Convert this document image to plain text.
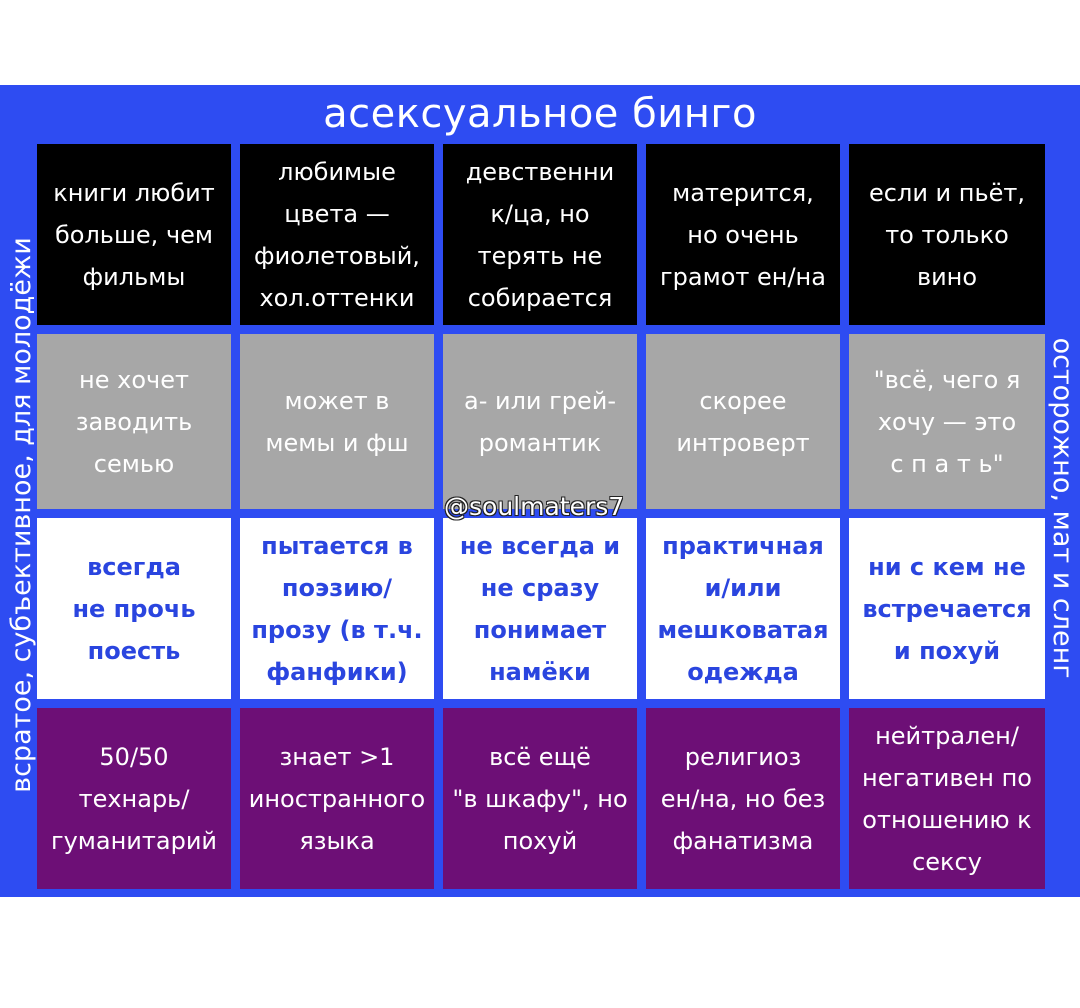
асексуальное бинго
всратое, субъективное, для молодёжи	осторожно, мат и сленг
книги любит
больше, чем
фильмы
любимые
цвета —
фиолетовый,
хол.оттенки
девственни
к/ца, но
терять не
собирается
матерится,
но очень
грамот ен/на
если и пьёт,
то только
вино
не хочет
заводить
семью
может в
мемы и фш
а- или грей-
романтик
скорее
интроверт
"всё, чего я
хочу — это
с п а т ь"
всегда
не прочь
поесть
пытается в
поэзию/
прозу (в т.ч.
фанфики)
не всегда и
не сразу
понимает
намёки
практичная
и/или
мешковатая
одежда
ни с кем не
встречается
и похуй
50/50
технарь/
гуманитарий
знает >1
иностранного
языка
всё ещё
"в шкафу", но
похуй
религиоз
ен/на, но без
фанатизма
нейтрален/
негативен по
отношению к
сексу
@soulmaters7
